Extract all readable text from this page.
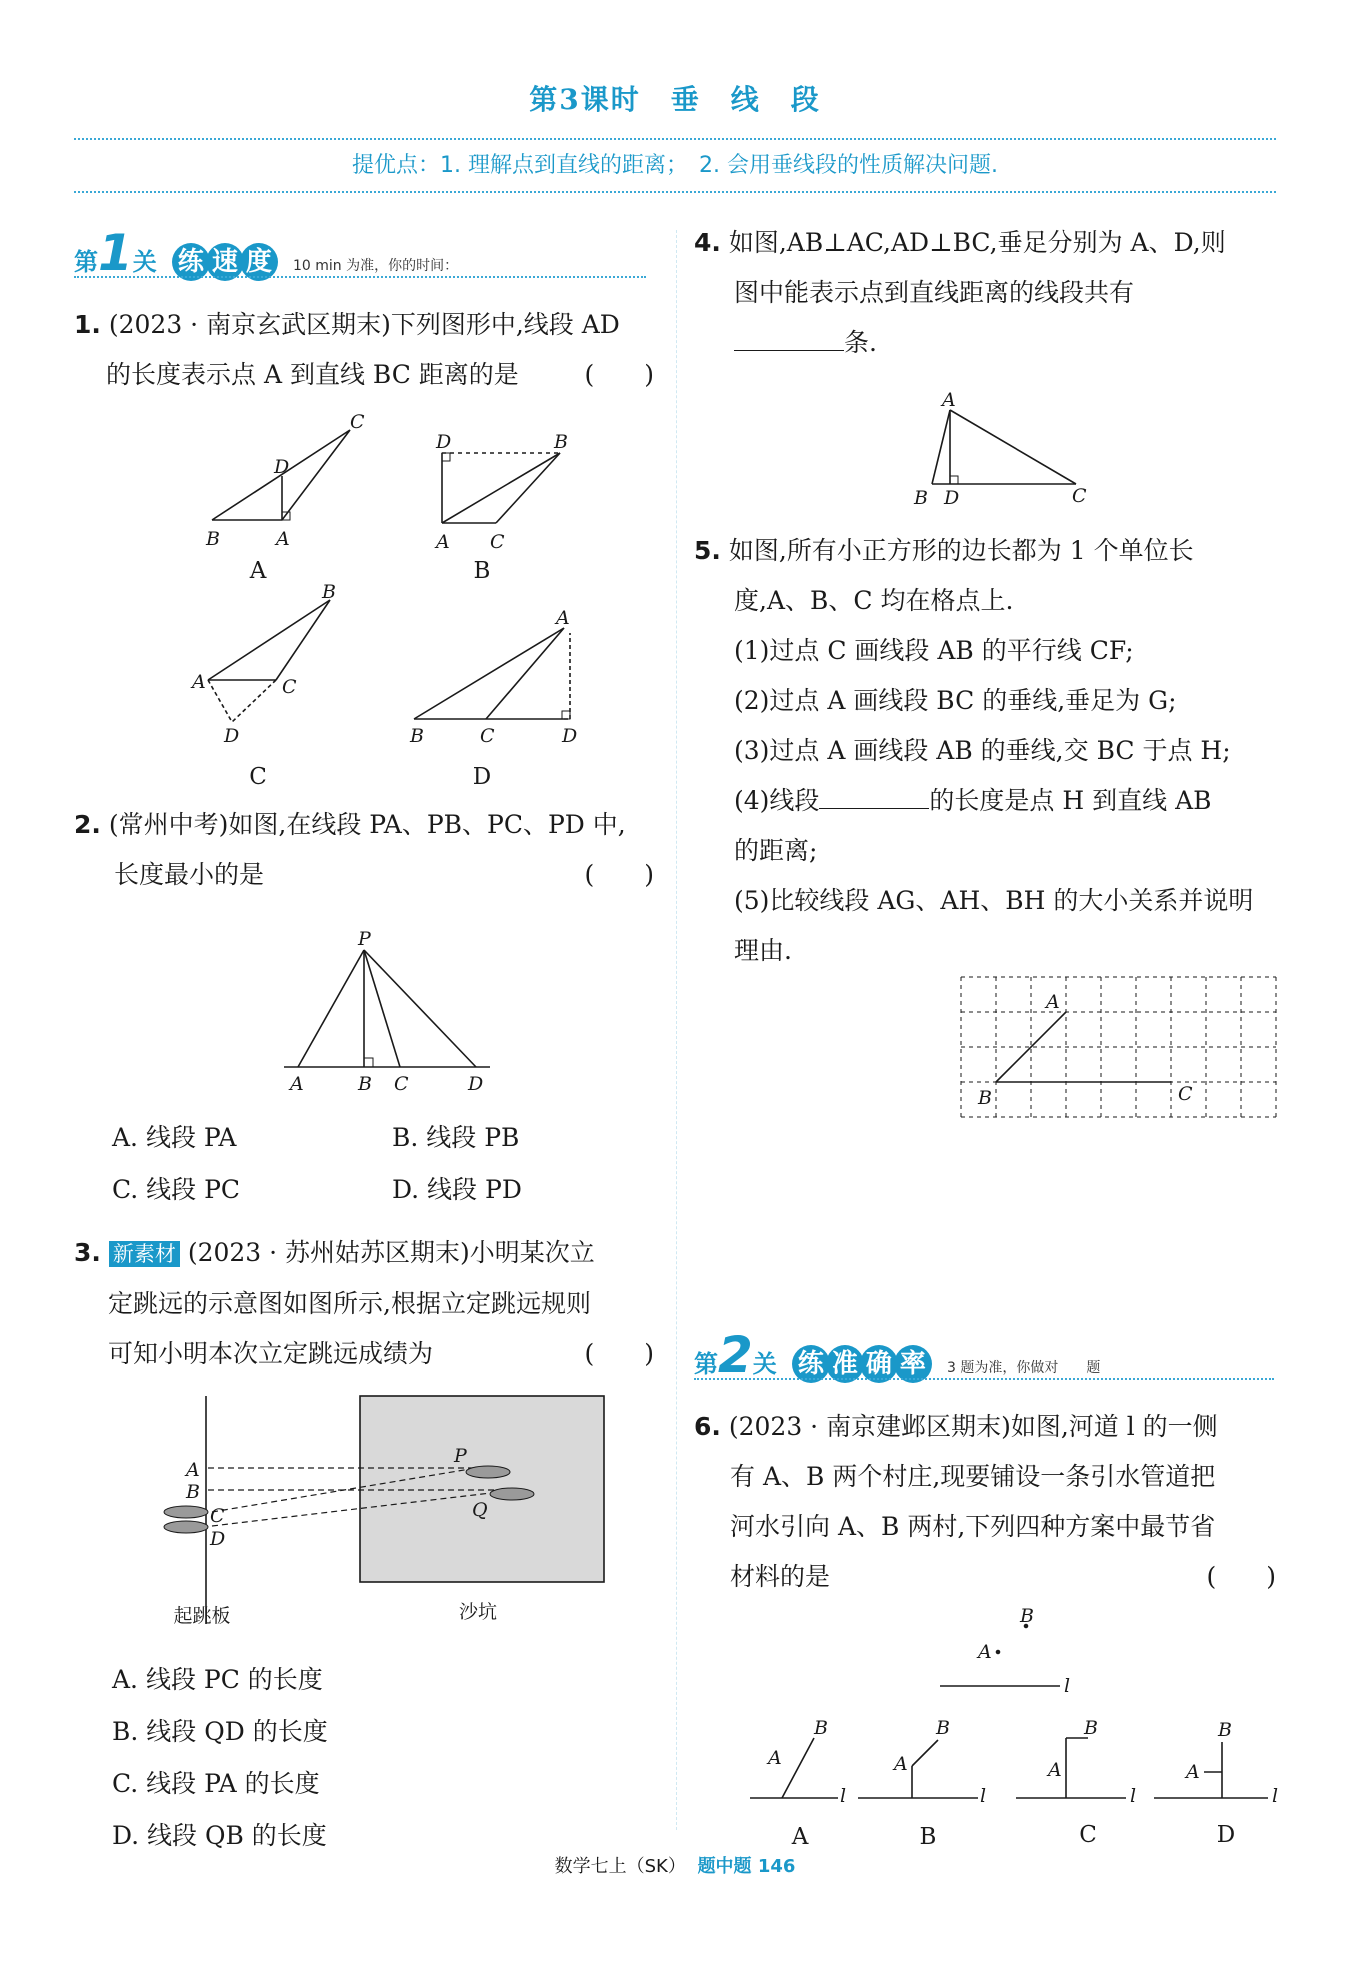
第3课时　垂　线　段
提优点：1. 理解点到直线的距离；　2. 会用垂线段的性质解决问题.
第1关 练 速 度 10 min 为准，你的时间：
1. (2023 · 南京玄武区期末)下列图形中,线段 AD
的长度表示点 A 到直线 BC 距离的是	(　　)
B	A
D
C
D	B
A C
A	C
B
D	B	C	D
A
A	B
C	D
2. (常州中考)如图,在线段 PA、PB、PC、PD 中,
长度最小的是	(　　)
P
A	B C	D
A. 线段 PA	B. 线段 PB
C. 线段 PC	D. 线段 PD
3. 新素材 (2023 · 苏州姑苏区期末)小明某次立
定跳远的示意图如图所示,根据立定跳远规则
可知小明本次立定跳远成绩为	(　　)
A
B
C
D
P
Q
起跳板	沙坑
A. 线段 PC 的长度
B. 线段 QD 的长度
C. 线段 PA 的长度
D. 线段 QB 的长度
4. 如图,AB⊥AC,AD⊥BC,垂足分别为 A、D,则
图中能表示点到直线距离的线段共有
条.
A
B D	C
5. 如图,所有小正方形的边长都为 1 个单位长
度,A、B、C 均在格点上.
(1)过点 C 画线段 AB 的平行线 CF;
(2)过点 A 画线段 BC 的垂线,垂足为 G;
(3)过点 A 画线段 AB 的垂线,交 BC 于点 H;
(4)线段	的长度是点 H 到直线 AB
的距离;
(5)比较线段 AG、AH、BH 的大小关系并说明
理由.
A
B	C
第2关 练 准 确 率 3 题为准，你做对　　题
6. (2023 · 南京建邺区期末)如图,河道 l 的一侧
有 A、B 两个村庄,现要铺设一条引水管道把
河水引向 A、B 两村,下列四种方案中最节省
材料的是	(　　)
B
A
l
B
A
l
B
A
l
B
A
l
B
A
l
A	B	C	D
数学七上（SK） 题中题 146
